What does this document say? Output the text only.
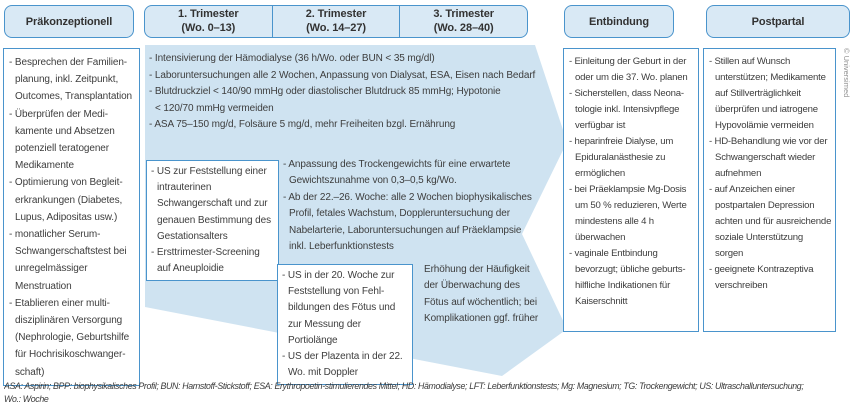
Präkonzeptionell
1. Trimester
(Wo. 0–13)
2. Trimester
(Wo. 14–27)
3. Trimester
(Wo. 28–40)	Entbindung	Postpartal
- Besprechen der Familien-planung, inkl. Zeitpunkt, Outcomes, Transplantation
- Überprüfen der Medi-kamente und Absetzen potenziell teratogener Medikamente
- Optimierung von Begleit-erkrankungen (Diabetes, Lupus, Adipositas usw.)
- monatlicher Serum-Schwangerschaftstest bei unregelmässiger Menstruation
- Etablieren einer multi-disziplinären Versorgung (Nephrologie, Geburtshilfe für Hochrisikoschwanger-schaft)
- Intensivierung der Hämodialyse (36 h/Wo. oder BUN < 35 mg/dl)
- Laboruntersuchungen alle 2 Wochen, Anpassung von Dialysat, ESA, Eisen nach Bedarf
- Blutdruckziel < 140/90 mmHg oder diastolischer Blutdruck 85 mmHg; Hypotonie
< 120/70 mmHg vermeiden
- ASA 75–150 mg/d, Folsäure 5 mg/d, mehr Freiheiten bzgl. Ernährung
- Anpassung des Trockengewichts für eine erwartete Gewichtszunahme von 0,3–0,5 kg/Wo.
- Ab der 22.–26. Woche: alle 2 Wochen biophysikalisches Profil, fetales Wachstum, Doppleruntersuchung der Nabelarterie, Laboruntersuchungen auf Präeklampsie inkl. Leberfunktionstests
Erhöhung der Häufigkeit der Überwachung des Fötus auf wöchentlich; bei Komplikationen ggf. früher
- US zur Feststellung einer intrauterinen Schwangerschaft und zur genauen Bestimmung des Gestationsalters
- Ersttrimester-Screening auf Aneuploidie
- US in der 20. Woche zur Feststellung von Fehl-bildungen des Fötus und zur Messung der Portiolänge
- US der Plazenta in der 22. Wo. mit Doppler
- Einleitung der Geburt in der oder um die 37. Wo. planen
- Sicherstellen, dass Neona-tologie inkl. Intensivpflege verfügbar ist
- heparinfreie Dialyse, um Epiduralanästhesie zu ermöglichen
- bei Präeklampsie Mg-Dosis um 50 % reduzieren, Werte mindestens alle 4 h überwachen
- vaginale Entbindung bevorzugt; übliche geburts-hilfliche Indikationen für Kaiserschnitt
- Stillen auf Wunsch unterstützen; Medikamente auf Stillverträglichkeit überprüfen und iatrogene Hypovolämie vermeiden
- HD-Behandlung wie vor der Schwangerschaft wieder aufnehmen
- auf Anzeichen einer postpartalen Depression achten und für ausreichende soziale Unterstützung sorgen
- geeignete Kontrazeptiva verschreiben
ASA: Aspirin; BPP: biophysikalisches Profil; BUN: Harnstoff-Stickstoff; ESA: Erythropoetin-stimulierendes Mittel; HD: Hämodialyse; LFT: Leberfunktionstests; Mg: Magnesium; TG: Trockengewicht; US: Ultraschalluntersuchung;
Wo.: Woche
© Universimed
